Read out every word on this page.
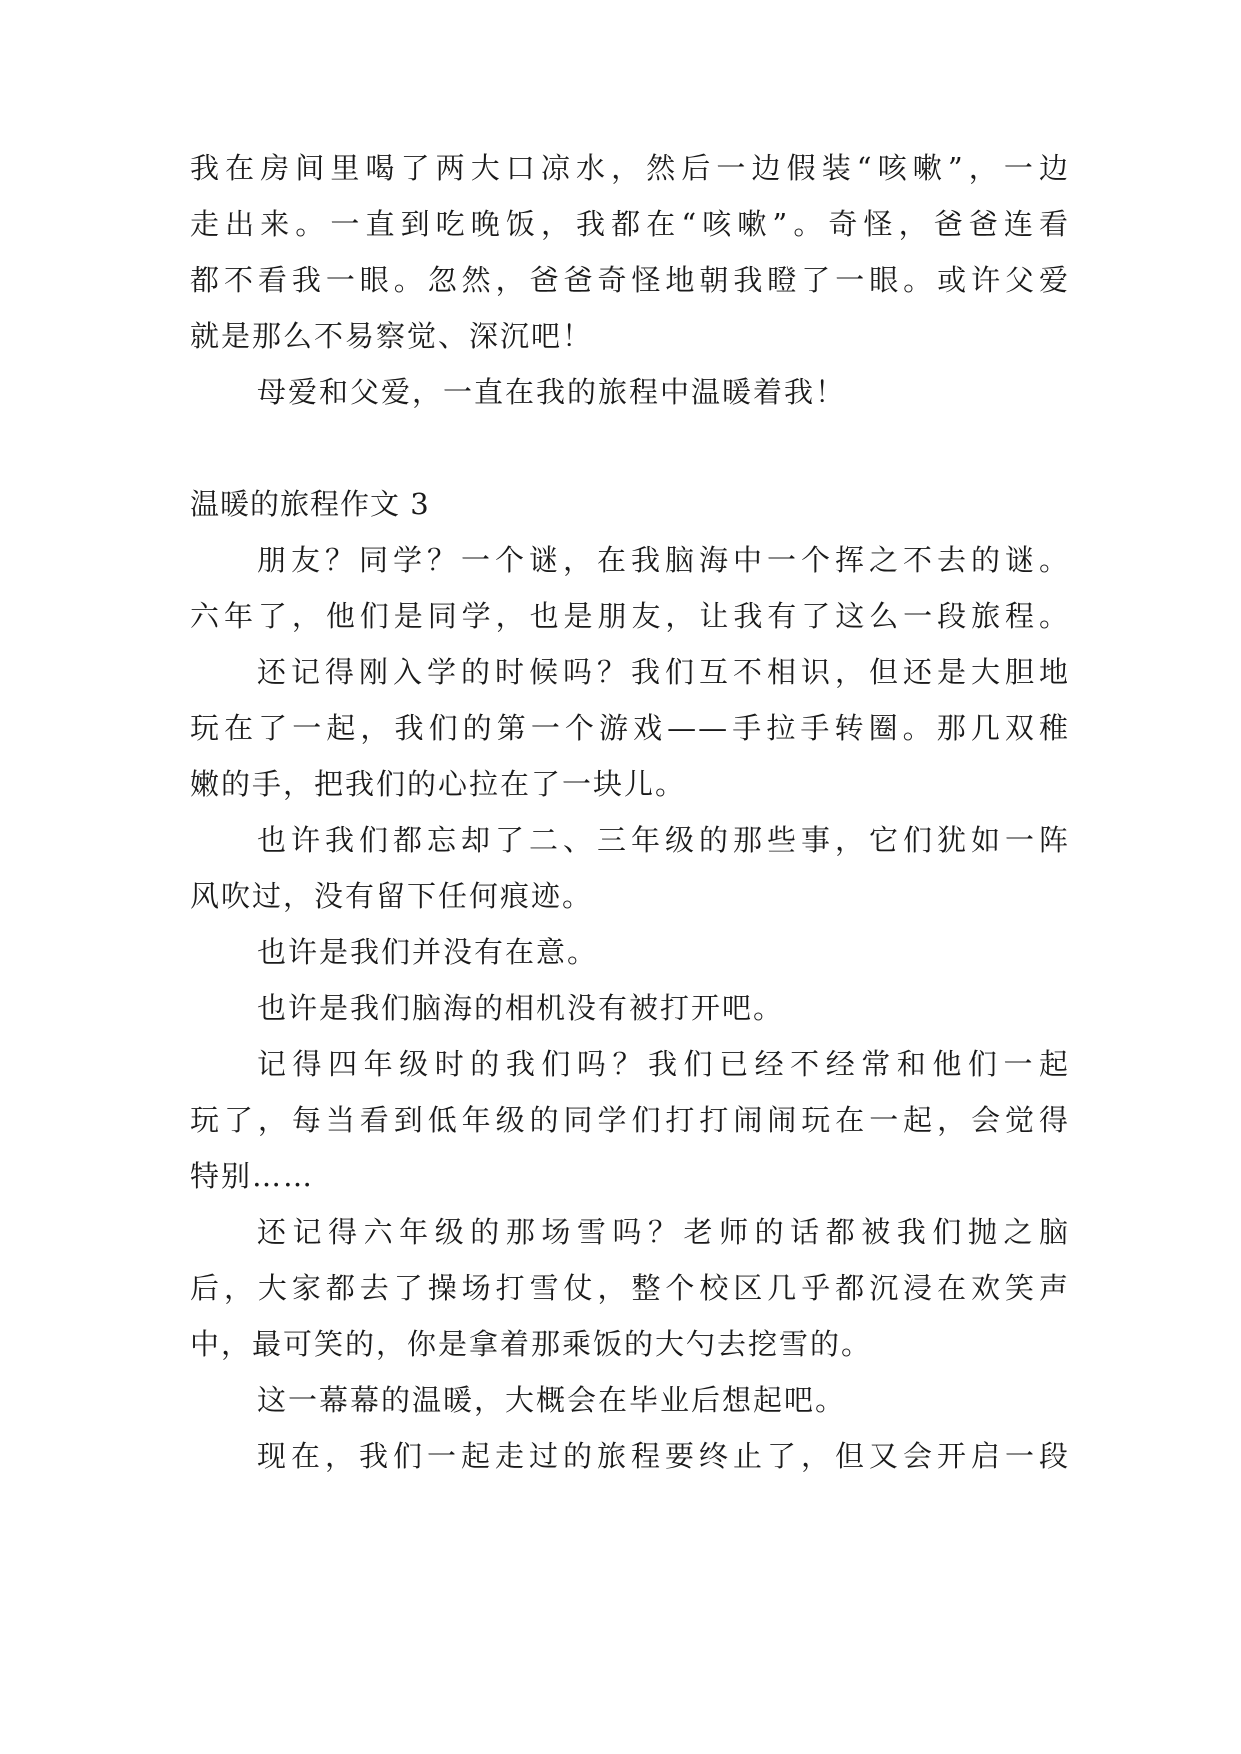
我在房间里喝了两大口凉水，然后一边假装“咳嗽”，一边
走出来。一直到吃晚饭，我都在“咳嗽”。奇怪，爸爸连看
都不看我一眼。忽然，爸爸奇怪地朝我瞪了一眼。或许父爱
就是那么不易察觉、深沉吧！
母爱和父爱，一直在我的旅程中温暖着我！
温暖的旅程作文 3
朋友？同学？一个谜，在我脑海中一个挥之不去的谜。
六年了，他们是同学，也是朋友，让我有了这么一段旅程。
还记得刚入学的时候吗？我们互不相识，但还是大胆地
玩在了一起，我们的第一个游戏——手拉手转圈。那几双稚
嫩的手，把我们的心拉在了一块儿。
也许我们都忘却了二、三年级的那些事，它们犹如一阵
风吹过，没有留下任何痕迹。
也许是我们并没有在意。
也许是我们脑海的相机没有被打开吧。
记得四年级时的我们吗？我们已经不经常和他们一起
玩了，每当看到低年级的同学们打打闹闹玩在一起，会觉得
特别……
还记得六年级的那场雪吗？老师的话都被我们抛之脑
后，大家都去了操场打雪仗，整个校区几乎都沉浸在欢笑声
中，最可笑的，你是拿着那乘饭的大勺去挖雪的。
这一幕幕的温暖，大概会在毕业后想起吧。
现在，我们一起走过的旅程要终止了，但又会开启一段
